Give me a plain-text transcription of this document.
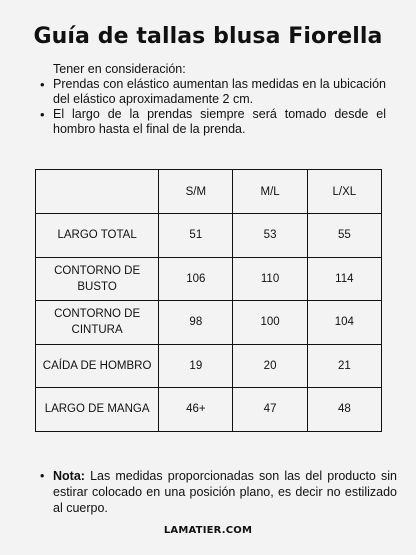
Guía de tallas blusa Fiorella
Tener en consideración:
• Prendas con elástico aumentan las medidas en la ubicación del elástico aproximadamente 2 cm.
• El largo de la prendas siempre será tomado desde el hombro hasta el final de la prenda.
	S/M	M/L	L/XL
LARGO TOTAL	51	53	55
CONTORNO DE BUSTO	106	110	114
CONTORNO DE CINTURA	98	100	104
CAÍDA DE HOMBRO	19	20	21
LARGO DE MANGA	46+	47	48
• Nota: Las medidas proporcionadas son las del producto sin estirar colocado en una posición plano, es decir no estilizado al cuerpo.
LAMATIER.COM
